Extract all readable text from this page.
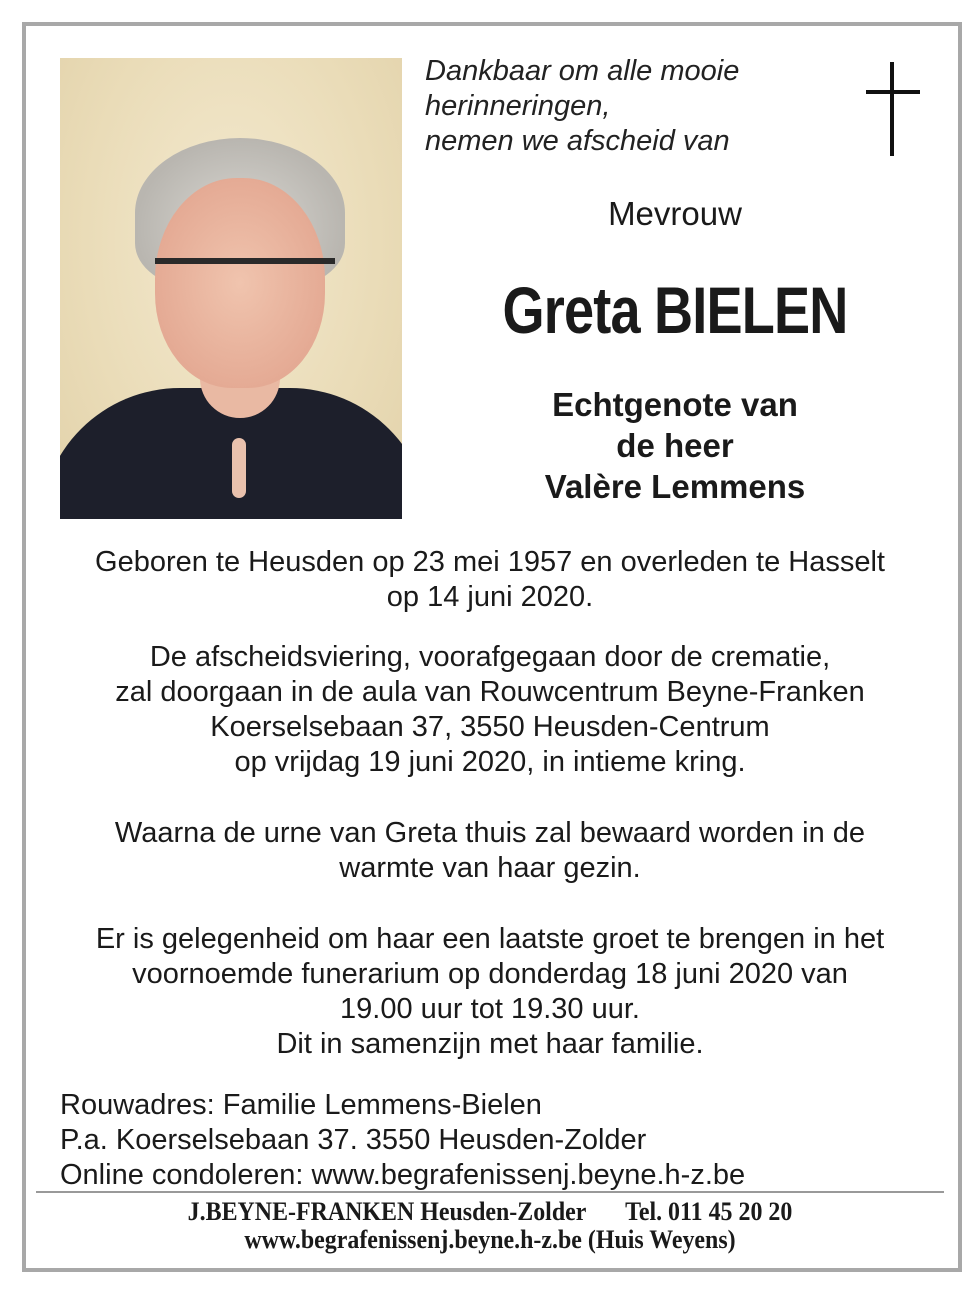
Dankbaar om alle mooie
herinneringen,
nemen we afscheid van
Mevrouw
Greta BIELEN
Echtgenote van
de heer
Valère Lemmens
Geboren te Heusden op 23 mei 1957 en overleden te Hasselt
op 14 juni 2020.
De afscheidsviering, voorafgegaan door de crematie,
zal doorgaan in de aula van Rouwcentrum Beyne-Franken
Koerselsebaan 37, 3550 Heusden-Centrum
op vrijdag 19 juni 2020, in intieme kring.
Waarna de urne van Greta thuis zal bewaard worden in de
warmte van haar gezin.
Er is gelegenheid om haar een laatste groet te brengen in het
voornoemde funerarium op donderdag 18 juni 2020 van
19.00 uur tot 19.30 uur.
Dit in samenzijn met haar familie.
Rouwadres: Familie Lemmens-Bielen
P.a. Koerselsebaan 37. 3550 Heusden-Zolder
Online condoleren: www.begrafenissenj.beyne.h-z.be
J.BEYNE-FRANKEN Heusden-Zolder Tel. 011 45 20 20
www.begrafenissenj.beyne.h-z.be (Huis Weyens)
